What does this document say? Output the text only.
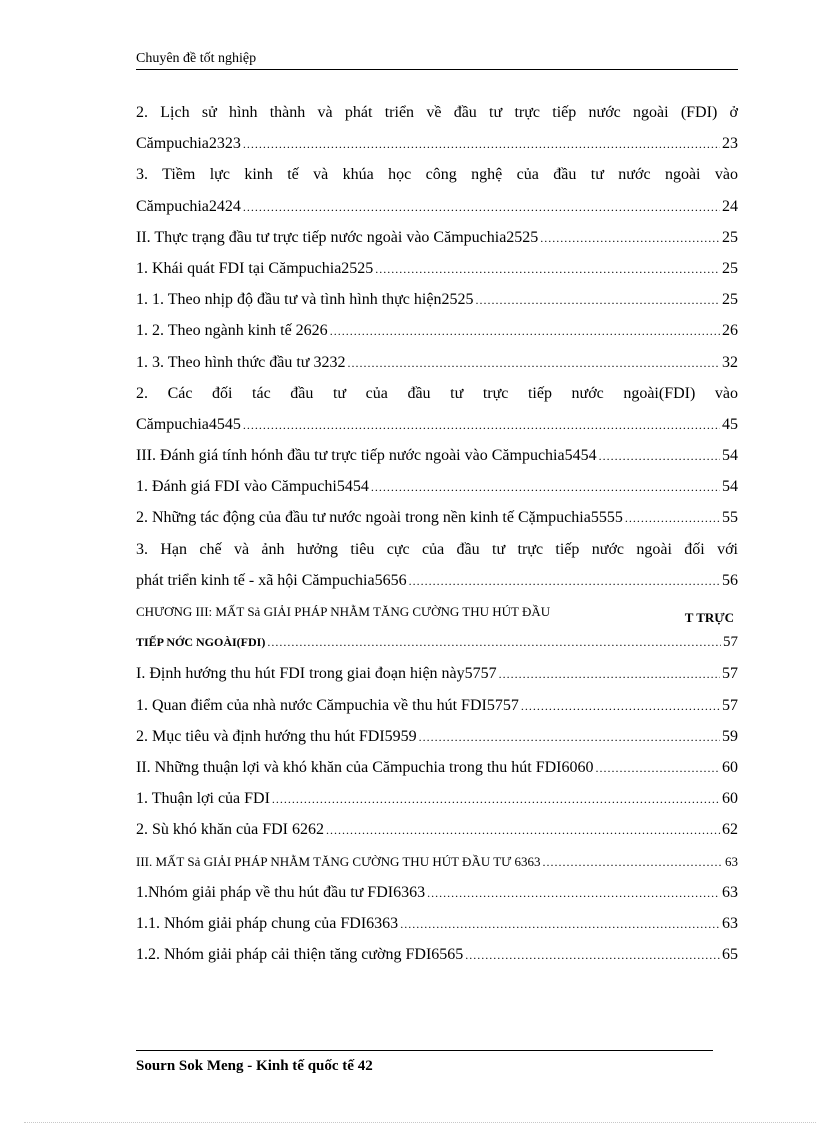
Chuyên đề tốt nghiệp
2. Lịch sử hình thành và phát triển về đầu tư trực tiếp nước ngoài (FDI) ở
Cămpuchia2323 .....	23
3. Tiềm lực kinh tế và khúa học công nghệ của đầu tư nước ngoài vào
Cămpuchia2424 .....	24
II. Thực trạng đầu tư trực tiếp nước ngoài vào Cămpuchia2525 .....	25
1. Khái quát FDI tại Cămpuchia2525 .....	25
1. 1. Theo nhịp độ đầu tư và tình hình thực hiện2525 .....	25
1. 2. Theo ngành kinh tế 2626 .....	26
1. 3. Theo hình thức đầu tư 3232 .....	32
2. Các đối tác đầu tư của đầu tư trực tiếp nước ngoài(FDI) vào
Cămpuchia4545 .....	45
III. Đánh giá tính hónh đầu tư trực tiếp nước ngoài vào Cămpuchia5454 .....	54
1. Đánh giá FDI vào Cămpuchi5454 .....	54
2. Những tác động của đầu tư nước ngoài trong nền kinh tế Cặmpuchia5555 .....	55
3. Hạn chế và ảnh hưởng tiêu cực của đầu tư trực tiếp nước ngoài đối với
phát triển kinh tế - xã hội Cămpuchia5656 .....	56
CHƯƠNG III: MẤT Sả GIẢI PHÁP NHẰM TĂNG CƯỜNG THU HÚT ĐẦU	T TRỰC
TIẾP NỚC NGOÀI(FDI) .....	57
I. Định hướng thu hút FDI trong giai đoạn hiện này5757 .....	57
1. Quan điểm của nhà nước Cămpuchia về thu hút FDI5757 .....	57
2. Mục tiêu và định hướng thu hút FDI5959 .....	59
II. Những thuận lợi và khó khăn của Cămpuchia trong thu hút FDI6060 .....	60
1. Thuận lợi của FDI .....	60
2. Sù khó khăn của FDI 6262 .....	62
III. MẤT Sả GIẢI PHÁP NHẰM TĂNG CƯỜNG THU HÚT ĐẦU TƯ 6363 .....	63
1.Nhóm giải pháp về thu hút đầu tư FDI6363 .....	63
1.1. Nhóm giải pháp chung của FDI6363 .....	63
1.2. Nhóm giải pháp cải thiện tăng cường FDI6565 .....	65
Sourn Sok Meng - Kinh tế quốc tế 42
